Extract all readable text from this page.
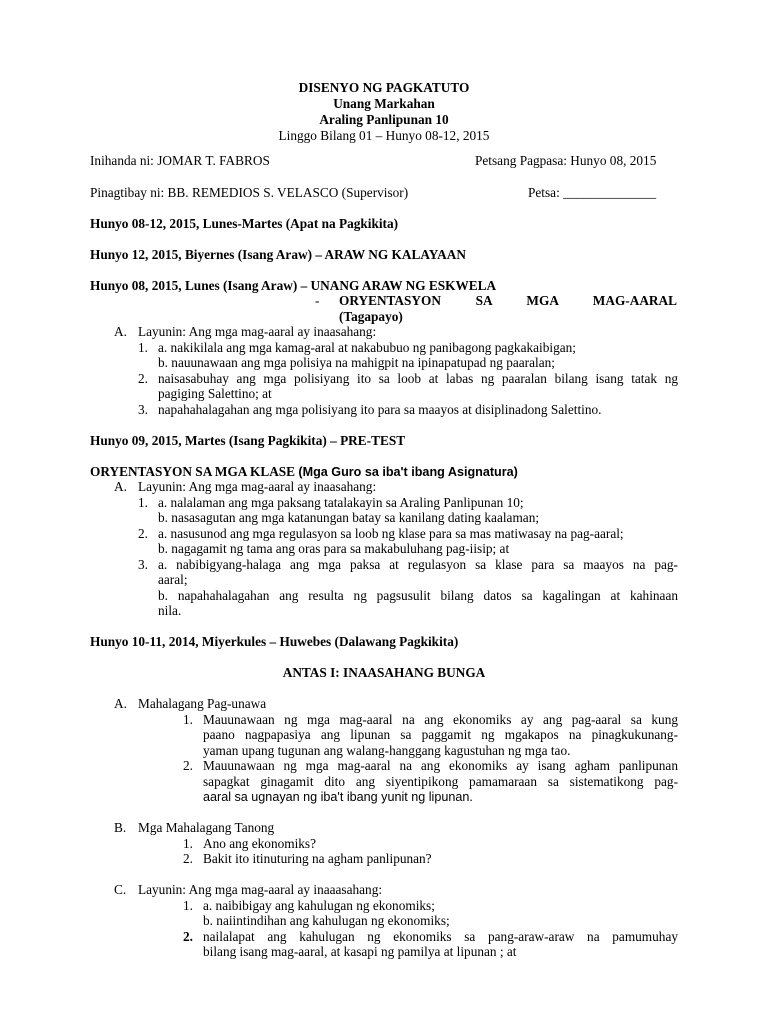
DISENYO NG PAGKATUTO
Unang Markahan
Araling Panlipunan 10
Linggo Bilang 01 – Hunyo 08-12, 2015
Inihanda ni: JOMAR T. FABROS	Petsang Pagpasa: Hunyo 08, 2015
Pinagtibay ni: BB. REMEDIOS S. VELASCO (Supervisor)	Petsa: ______________
Hunyo 08-12, 2015, Lunes-Martes (Apat na Pagkikita)
Hunyo 12, 2015, Biyernes (Isang Araw) – ARAW NG KALAYAAN
Hunyo 08, 2015, Lunes (Isang Araw) – UNANG ARAW NG ESKWELA
- ORYENTASYON SA MGA MAG-AARAL
(Tagapayo)
A. Layunin: Ang mga mag-aaral ay inaasahang:
1. a. nakikilala ang mga kamag-aral at nakabubuo ng panibagong pagkakaibigan;
b. nauunawaan ang mga polisiya na mahigpit na ipinapatupad ng paaralan;
2. naisasabuhay ang mga polisiyang ito sa loob at labas ng paaralan bilang isang tatak ng
pagiging Salettino; at
3. napahahalagahan ang mga polisiyang ito para sa maayos at disiplinadong Salettino.
Hunyo 09, 2015, Martes (Isang Pagkikita) – PRE-TEST
ORYENTASYON SA MGA KLASE (Mga Guro sa iba't ibang Asignatura)
A. Layunin: Ang mga mag-aaral ay inaasahang:
1. a. nalalaman ang mga paksang tatalakayin sa Araling Panlipunan 10;
b. nasasagutan ang mga katanungan batay sa kanilang dating kaalaman;
2. a. nasusunod ang mga regulasyon sa loob ng klase para sa mas matiwasay na pag-aaral;
b. nagagamit ng tama ang oras para sa makabuluhang pag-iisip; at
3. a. nabibigyang-halaga ang mga paksa at regulasyon sa klase para sa maayos na pag-
aaral;
b. napahahalagahan ang resulta ng pagsusulit bilang datos sa kagalingan at kahinaan
nila.
Hunyo 10-11, 2014, Miyerkules – Huwebes (Dalawang Pagkikita)
ANTAS I: INAASAHANG BUNGA
A. Mahalagang Pag-unawa
1. Mauunawaan ng mga mag-aaral na ang ekonomiks ay ang pag-aaral sa kung
paano nagpapasiya ang lipunan sa paggamit ng mgakapos na pinagkukunang-
yaman upang tugunan ang walang-hanggang kagustuhan ng mga tao.
2. Mauunawaan ng mga mag-aaral na ang ekonomiks ay isang agham panlipunan
sapagkat ginagamit dito ang siyentipikong pamamaraan sa sistematikong pag-
aaral sa ugnayan ng iba't ibang yunit ng lipunan.
B. Mga Mahalagang Tanong
1. Ano ang ekonomiks?
2. Bakit ito itinuturing na agham panlipunan?
C. Layunin: Ang mga mag-aaral ay inaaasahang:
1. a. naibibigay ang kahulugan ng ekonomiks;
b. naiintindihan ang kahulugan ng ekonomiks;
2. nailalapat ang kahulugan ng ekonomiks sa pang-araw-araw na pamumuhay
bilang isang mag-aaral, at kasapi ng pamilya at lipunan ; at
